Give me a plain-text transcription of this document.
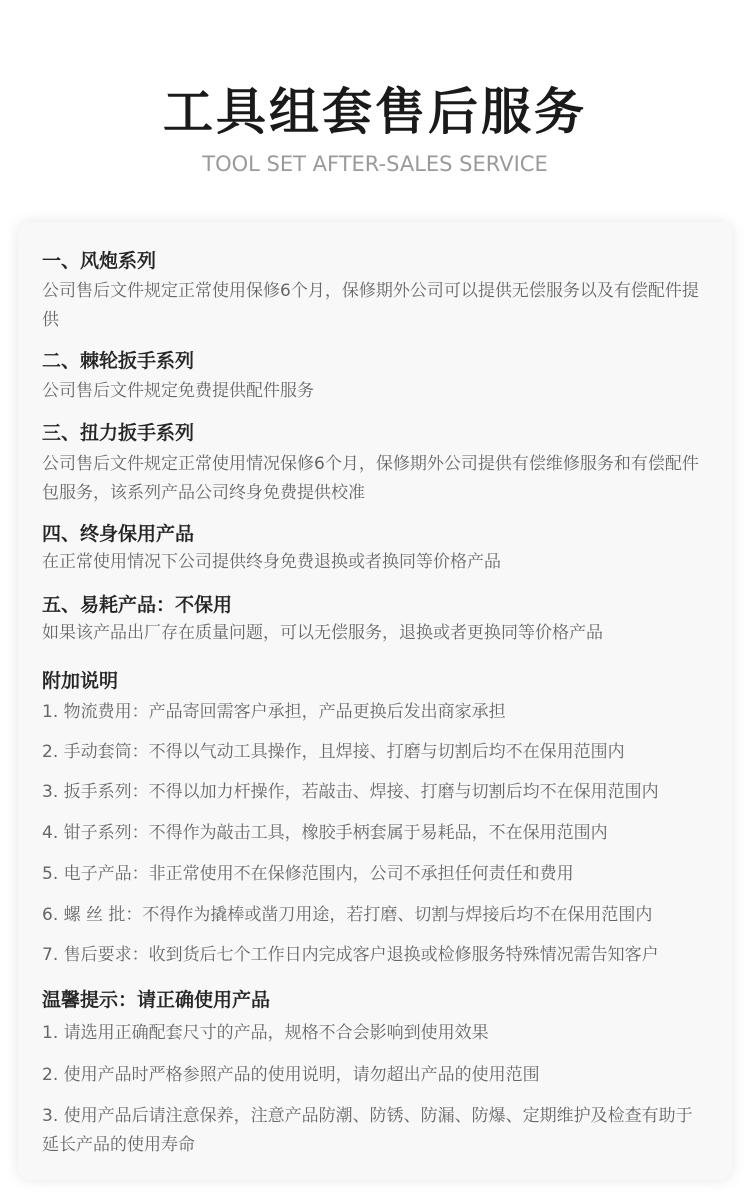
工具组套售后服务
TOOL SET AFTER-SALES SERVICE
一、风炮系列
公司售后文件规定正常使用保修6个月，保修期外公司可以提供无偿服务以及有偿配件提供
二、棘轮扳手系列
公司售后文件规定免费提供配件服务
三、扭力扳手系列
公司售后文件规定正常使用情况保修6个月，保修期外公司提供有偿维修服务和有偿配件包服务，该系列产品公司终身免费提供校准
四、终身保用产品
在正常使用情况下公司提供终身免费退换或者换同等价格产品
五、易耗产品：不保用
如果该产品出厂存在质量问题，可以无偿服务，退换或者更换同等价格产品
附加说明
1. 物流费用：产品寄回需客户承担，产品更换后发出商家承担
2. 手动套筒：不得以气动工具操作，且焊接、打磨与切割后均不在保用范围内
3. 扳手系列：不得以加力杆操作，若敲击、焊接、打磨与切割后均不在保用范围内
4. 钳子系列：不得作为敲击工具，橡胶手柄套属于易耗品，不在保用范围内
5. 电子产品：非正常使用不在保修范围内，公司不承担任何责任和费用
6. 螺 丝 批：不得作为撬棒或凿刀用途，若打磨、切割与焊接后均不在保用范围内
7. 售后要求：收到货后七个工作日内完成客户退换或检修服务特殊情况需告知客户
温馨提示：请正确使用产品
1. 请选用正确配套尺寸的产品，规格不合会影响到使用效果
2. 使用产品时严格参照产品的使用说明，请勿超出产品的使用范围
3. 使用产品后请注意保养，注意产品防潮、防锈、防漏、防爆、定期维护及检查有助于延长产品的使用寿命
